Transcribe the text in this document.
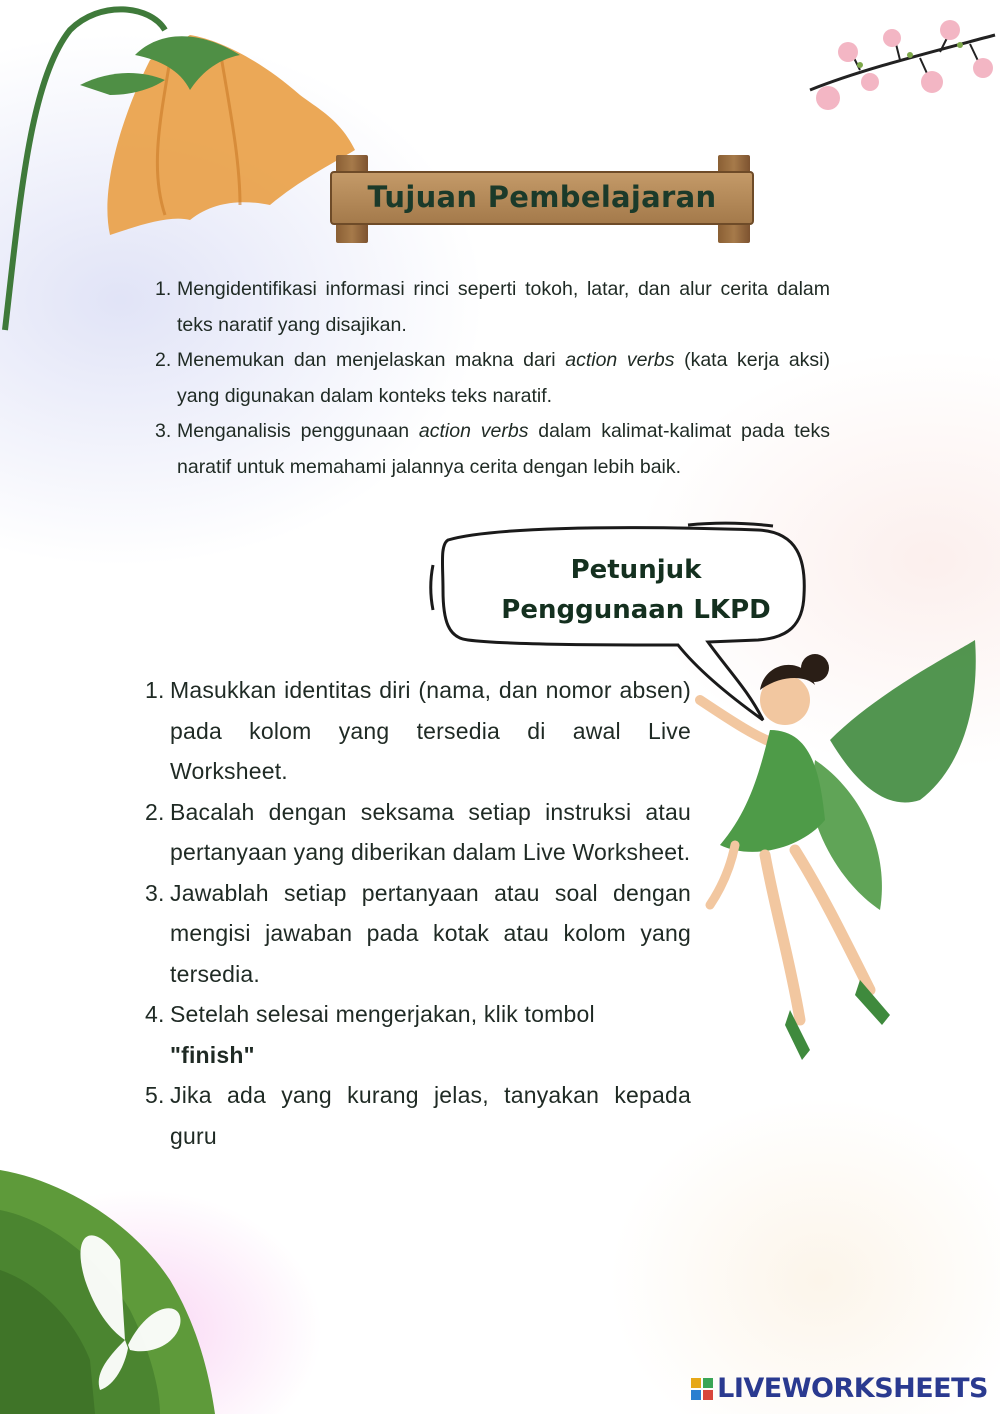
Tujuan Pembelajaran
1. Mengidentifikasi informasi rinci seperti tokoh, latar, dan alur cerita dalam teks naratif yang disajikan.
2. Menemukan dan menjelaskan makna dari action verbs (kata kerja aksi) yang digunakan dalam konteks teks naratif.
3. Menganalisis penggunaan action verbs dalam kalimat-kalimat pada teks naratif untuk memahami jalannya cerita dengan lebih baik.
Petunjuk
Penggunaan LKPD
1. Masukkan identitas diri (nama, dan nomor absen) pada kolom yang tersedia di awal Live Worksheet.
2. Bacalah dengan seksama setiap instruksi atau pertanyaan yang diberikan dalam Live Worksheet.
3. Jawablah setiap pertanyaan atau soal dengan mengisi jawaban pada kotak atau kolom yang tersedia.
4. Setelah selesai mengerjakan, klik tombol
"finish"
5. Jika ada yang kurang jelas, tanyakan kepada guru
LIVEWORKSHEETS
